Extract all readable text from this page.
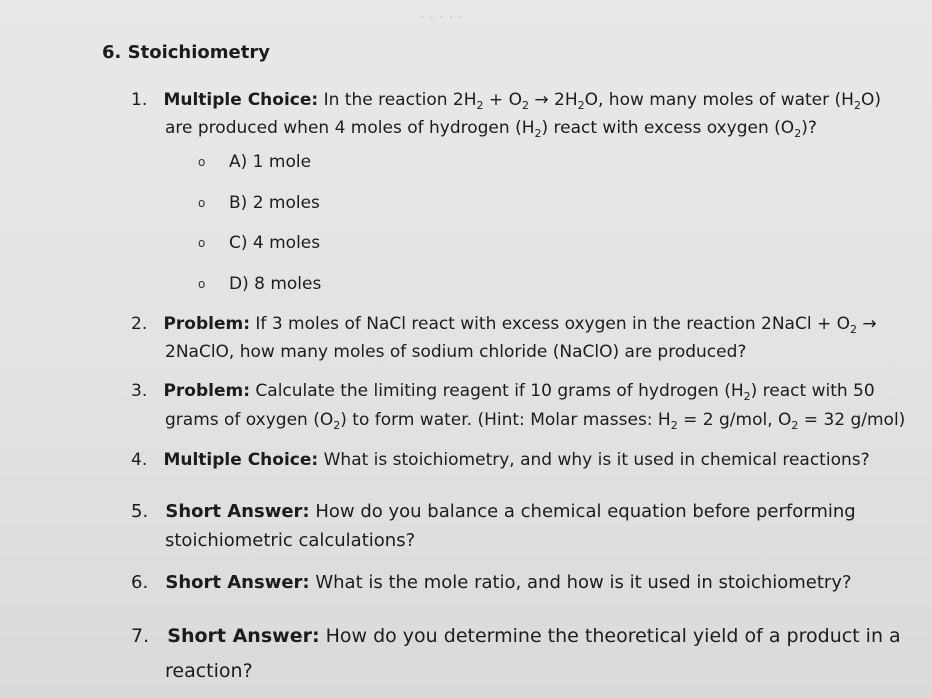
· · · · ·
6. Stoichiometry
1. Multiple Choice: In the reaction $2H_2 + O_2 \to 2H_2O$, how many moles of water $(H_2O)$
are produced when 4 moles of hydrogen $(H_2)$ react with excess oxygen $(O_2)$?
o A) 1 mole
o B) 2 moles
o C) 4 moles
o D) 8 moles
2. Problem: If 3 moles of NaCl react with excess oxygen in the reaction 2NaCl + $O_2$ →
2NaClO, how many moles of sodium chloride (NaClO) are produced?
3. Problem: Calculate the limiting reagent if 10 grams of hydrogen $(H_2)$ react with 50
grams of oxygen $(O_2)$ to form water. (Hint: Molar masses: $H_2 = 2$ g/mol, $O_2 = 32$ g/mol)
4. Multiple Choice: What is stoichiometry, and why is it used in chemical reactions?
5. Short Answer: How do you balance a chemical equation before performing
stoichiometric calculations?
6. Short Answer: What is the mole ratio, and how is it used in stoichiometry?
7. Short Answer: How do you determine the theoretical yield of a product in a
reaction?
